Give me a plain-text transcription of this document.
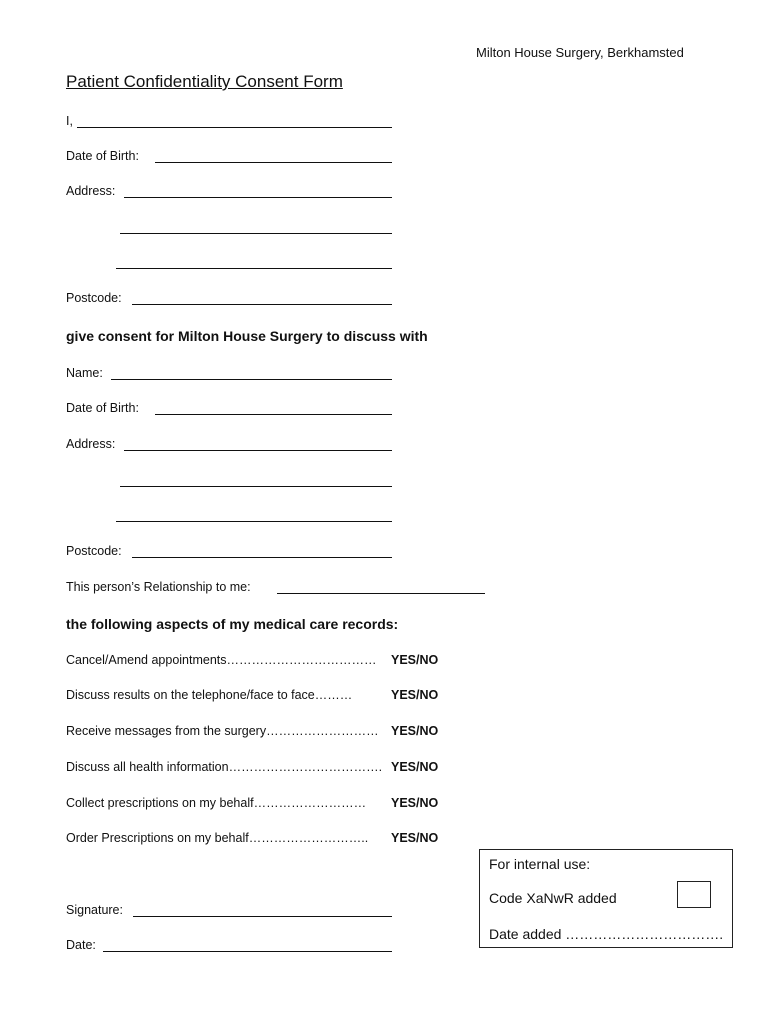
Milton House Surgery, Berkhamsted
Patient Confidentiality Consent Form
I,
Date of Birth:
Address:
Postcode:
give consent for Milton House Surgery to discuss with
Name:
Date of Birth:
Address:
Postcode:
This person’s Relationship to me:
the following aspects of my medical care records:
Cancel/Amend appointments……………………………… YES/NO
Discuss results on the telephone/face to face………	YES/NO
Receive messages from the surgery……………………… YES/NO
Discuss all health information………………………………. YES/NO
Collect prescriptions on my behalf……………………… YES/NO
Order Prescriptions on my behalf……………………….. YES/NO
Signature:
Date:
For internal use:
Code XaNwR added
Date added …………………………….
